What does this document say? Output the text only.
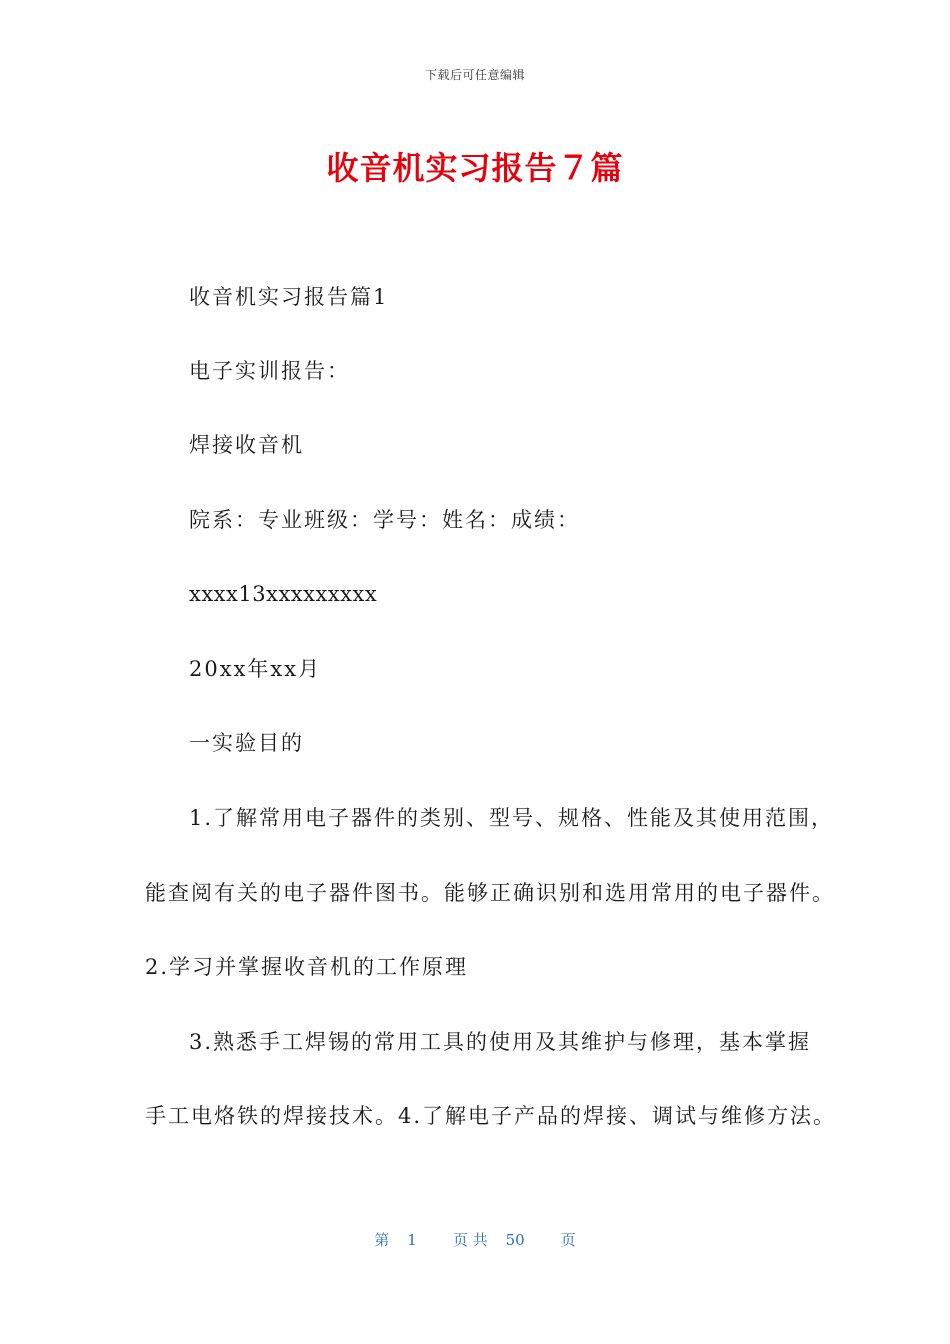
下载后可任意编辑
收音机实习报告７篇
收音机实习报告篇1
电子实训报告：
焊接收音机
院系：专业班级：学号：姓名：成绩：
xxxx13xxxxxxxxx
20xx年xx月
一实验目的
1.了解常用电子器件的类别、型号、规格、性能及其使用范围，
能查阅有关的电子器件图书。能够正确识别和选用常用的电子器件。
2.学习并掌握收音机的工作原理
3.熟悉手工焊锡的常用工具的使用及其维护与修理，基本掌握
手工电烙铁的焊接技术。4.了解电子产品的焊接、调试与维修方法。
第 1 页 共 50 页
